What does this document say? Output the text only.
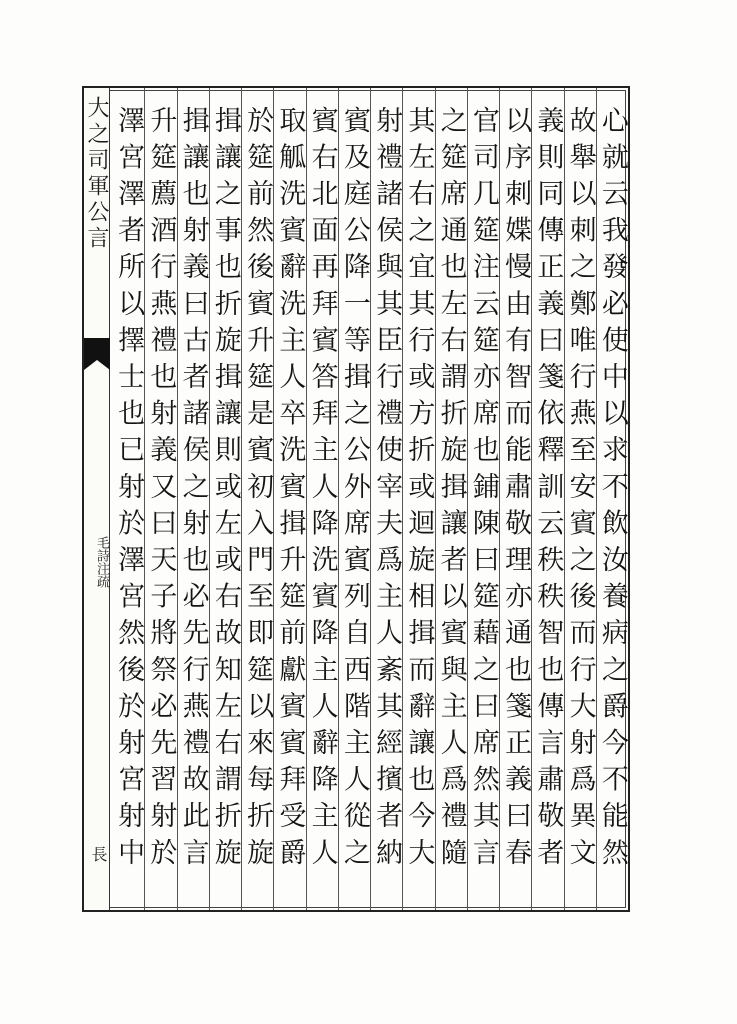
大之司軍公言
毛詩注疏
長	心就云我發必使中以求不飲汝養病之爵今不能然
故舉以刺之鄭唯行燕至安賓之後而行大射爲異文
義則同傳正義曰箋依釋訓云秩秩智也傳言肅敬者
以序刺媟慢由有智而能肅敬理亦通也箋正義曰春
官司几筵注云筵亦席也鋪陳曰筵藉之曰席然其言
之筵席通也左右謂折旋揖讓者以賓與主人爲禮隨
其左右之宜其行或方折或迴旋相揖而辭讓也今大
射禮諸侯與其臣行禮使宰夫爲主人紊其經擯者納
賓及庭公降一等揖之公外席賓列自西階主人從之
賓右北面再拜賓答拜主人降洗賓降主人辭降主人
取觚洗賓辭洗主人卒洗賓揖升筵前獻賓賓拜受爵
於筵前然後賓升筵是賓初入門至即筵以來每折旋
揖讓之事也折旋揖讓則或左或右故知左右謂折旋
揖讓也射義曰古者諸侯之射也必先行燕禮故此言
升筵薦酒行燕禮也射義又曰天子將祭必先習射於
澤宮澤者所以擇士也已射於澤宮然後於射宮射中
